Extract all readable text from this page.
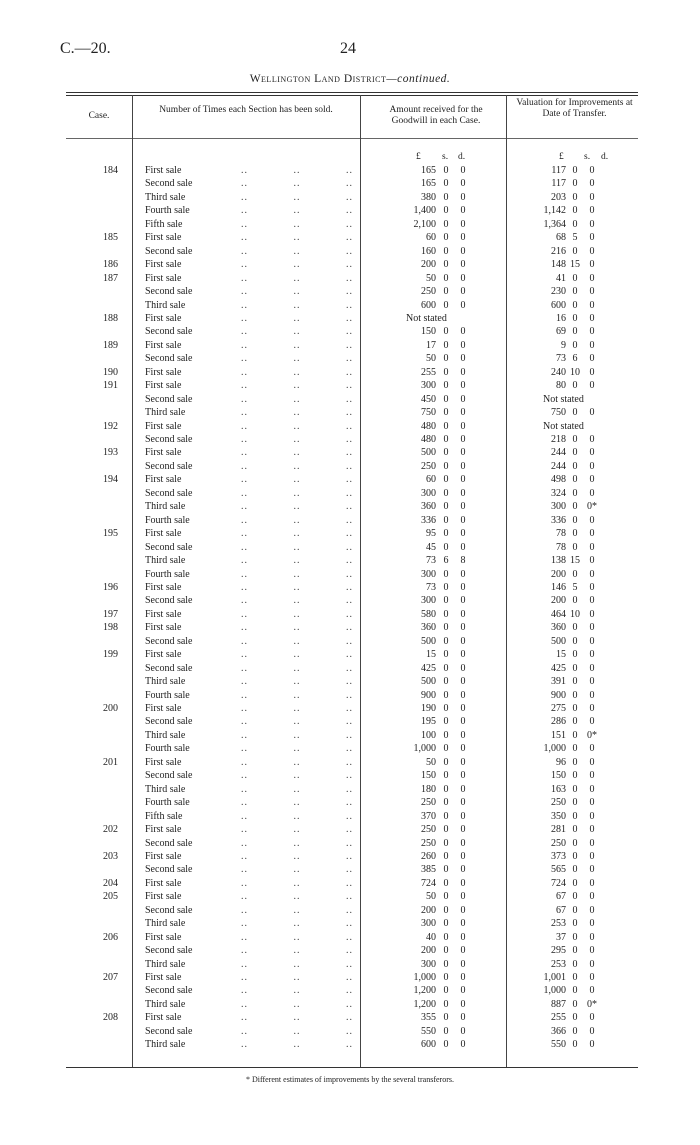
C.—20.	24
Wellington Land District—continued.
Case.
Number of Times each Section has been sold.	Amount received for the Goodwill in each Case.
Valuation for Improvements at Date of Transfer.
£ s. d.	£ s. d.
184	First sale	..	..	..	165 0	0	117 0	0
Second sale	..	..	..	165 0	0	117 0	0
Third sale	..	..	..	380 0	0	203 0	0
Fourth sale	..	..	..	1,400 0	0	1,142 0	0
Fifth sale	..	..	..	2,100 0	0	1,364 0	0
185	First sale	..	..	..	60 0	0	68 5	0
Second sale	..	..	..	160 0	0	216 0	0
186	First sale	..	..	..	200 0	0	148 15 0
187	First sale	..	..	..	50 0	0	41 0	0
Second sale	..	..	..	250 0	0	230 0	0
Third sale	..	..	..	600 0	0	600 0	0
188	First sale	..	..	..	Not stated	16 0	0
Second sale	..	..	..	150 0	0	69 0	0
189	First sale	..	..	..	17 0	0	9 0	0
Second sale	..	..	..	50 0	0	73 6	0
190	First sale	..	..	..	255 0	0	240 10 0
191	First sale	..	..	..	300 0	0	80 0	0
Second sale	..	..	..	450 0	0	Not stated
Third sale	..	..	..	750 0	0	750 0	0
192	First sale	..	..	..	480 0	0	Not stated
Second sale	..	..	..	480 0	0	218 0	0
193	First sale	..	..	..	500 0	0	244 0	0
Second sale	..	..	..	250 0	0	244 0	0
194	First sale	..	..	..	60 0	0	498 0	0
Second sale	..	..	..	300 0	0	324 0	0
Third sale	..	..	..	360 0	0	300 0 0*
Fourth sale	..	..	..	336 0	0	336 0	0
195	First sale	..	..	..	95 0	0	78 0	0
Second sale	..	..	..	45 0	0	78 0	0
Third sale	..	..	..	73 6	8	138 15 0
Fourth sale	..	..	..	300 0	0	200 0	0
196	First sale	..	..	..	73 0	0	146 5	0
Second sale	..	..	..	300 0	0	200 0	0
197	First sale	..	..	..	580 0	0	464 10 0
198	First sale	..	..	..	360 0	0	360 0	0
Second sale	..	..	..	500 0	0	500 0	0
199	First sale	..	..	..	15 0	0	15 0	0
Second sale	..	..	..	425 0	0	425 0	0
Third sale	..	..	..	500 0	0	391 0	0
Fourth sale	..	..	..	900 0	0	900 0	0
200	First sale	..	..	..	190 0	0	275 0	0
Second sale	..	..	..	195 0	0	286 0	0
Third sale	..	..	..	100 0	0	151 0 0*
Fourth sale	..	..	..	1,000 0	0	1,000 0	0
201	First sale	..	..	..	50 0	0	96 0	0
Second sale	..	..	..	150 0	0	150 0	0
Third sale	..	..	..	180 0	0	163 0	0
Fourth sale	..	..	..	250 0	0	250 0	0
Fifth sale	..	..	..	370 0	0	350 0	0
202	First sale	..	..	..	250 0	0	281 0	0
Second sale	..	..	..	250 0	0	250 0	0
203	First sale	..	..	..	260 0	0	373 0	0
Second sale	..	..	..	385 0	0	565 0	0
204	First sale	..	..	..	724 0	0	724 0	0
205	First sale	..	..	..	50 0	0	67 0	0
Second sale	..	..	..	200 0	0	67 0	0
Third sale	..	..	..	300 0	0	253 0	0
206	First sale	..	..	..	40 0	0	37 0	0
Second sale	..	..	..	200 0	0	295 0	0
Third sale	..	..	..	300 0	0	253 0	0
207	First sale	..	..	..	1,000 0	0	1,001 0	0
Second sale	..	..	..	1,200 0	0	1,000 0	0
Third sale	..	..	..	1,200 0	0	887 0 0*
208	First sale	..	..	..	355 0	0	255 0	0
Second sale	..	..	..	550 0	0	366 0	0
Third sale	..	..	..	600 0	0	550 0	0
* Different estimates of improvements by the several transferors.
